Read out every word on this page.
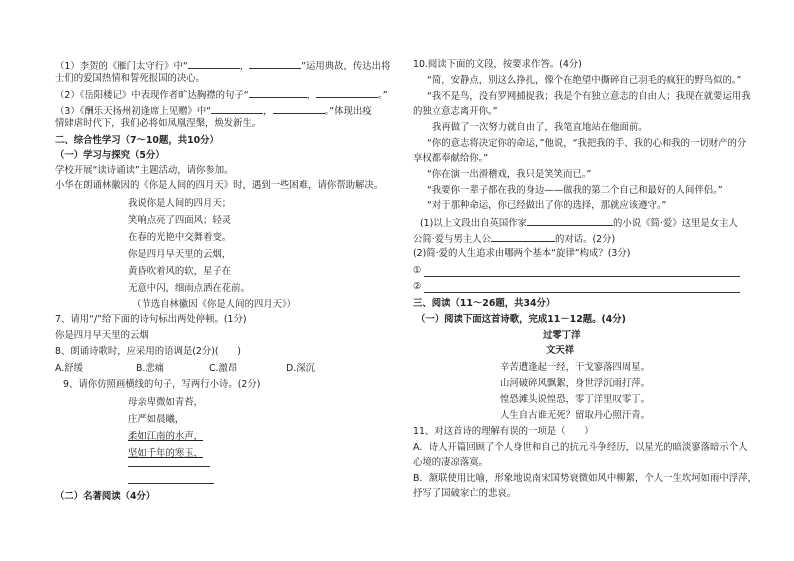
（1）李贺的《雁门太守行》中“	，	”运用典故，传达出将
士们的爱国热情和誓死报国的决心。
（2）《岳阳楼记》中表现作者旷达胸襟的句子“	，	。”
（3）《酬乐天扬州初逢席上见赠》中“	，	。”体现出疫
情肆虐时代下，我们必将如凤凰涅槃，焕发新生。
二、综合性学习（7～10题，共10分）
（一）学习与探究（5分）
学校开展“读诗诵读”主题活动，请你参加。
小华在朗诵林徽因的《你是人间的四月天》时，遇到一些困难，请你帮助解决。
我说你是人间的四月天；
笑响点亮了四面风；轻灵
在春的光艳中交舞着变。
你是四月早天里的云烟，
黄昏吹着风的软，星子在
无意中闪，细雨点洒在花前。
（节选自林徽因《你是人间的四月天》）
7、请用“/”给下面的诗句标出两处停顿。(1分)
你是四月早天里的云烟
8、朗诵诗歌时，应采用的语调是(2分)(　　)
A.舒缓	B.悲痛	C.激昂	D.深沉
9、请你仿照画横线的句子，写两行小诗。(2分)
母亲卑微如青苔，
庄严如晨曦，
柔如江南的水声，
坚如千年的寒玉，
（二）名著阅读（4分）
10.阅读下面的文段，按要求作答。(4分)
“简，安静点，别这么挣扎，像个在绝望中撕碎自己羽毛的疯狂的野鸟似的。”
“我不是鸟，没有罗网捕捉我；我是个有独立意志的自由人；我现在就要运用我
的独立意志离开你。”
我再做了一次努力就自由了，我笔直地站在他面前。
“你的意志将决定你的命运，”他说，“我把我的手、我的心和我的一切财产的分
享权都奉献给你。”
“你在演一出滑稽戏，我只是笑笑而已。”
“我要你一辈子都在我的身边——做我的第二个自己和最好的人间伴侣。”
“对于那种命运，你已经做出了你的选择，那就应该遵守。”
(1)以上文段出自英国作家	的小说《简·爱》这里是女主人
公简·爱与男主人公	的对话。(2分)
(2)简·爱的人生追求由哪两个基本“旋律”构成？(3分)
①
②
三、阅读（11～26题，共34分）
（一）阅读下面这首诗歌，完成11－12题。(4分)
过零丁洋
文天祥
辛苦遭逢起一经，干戈寥落四周星。
山河破碎风飘絮，身世浮沉雨打萍。
惶恐滩头说惶恐，零丁洋里叹零丁。
人生自古谁无死？留取丹心照汗青。
11、对这首诗的理解有误的一项是（　　）
A．诗人开篇回顾了个人身世和自己的抗元斗争经历，以星光的暗淡寥落暗示个人
心境的凄凉落寞。
B．颔联使用比喻，形象地说南宋国势衰微如风中柳絮，个人一生坎坷如雨中浮萍，
抒写了国破家亡的悲哀。
